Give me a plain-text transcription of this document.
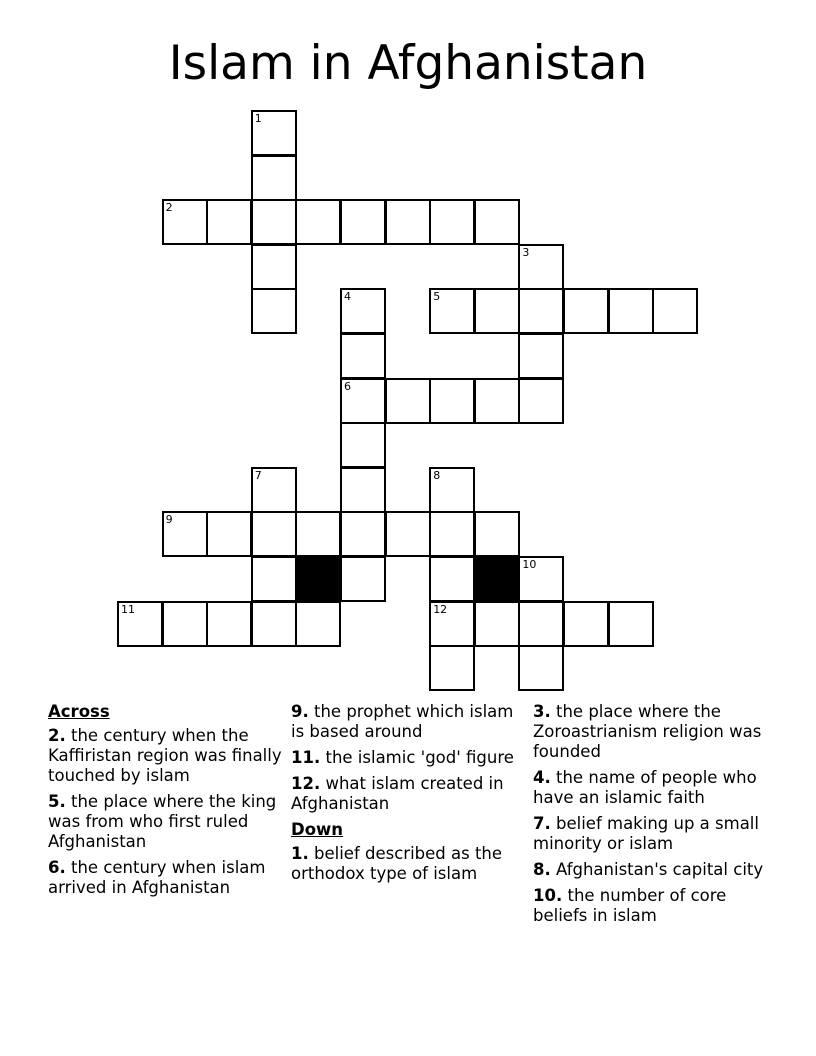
Islam in Afghanistan
1
2
3
4	5
6
7	8
9
10
11	12
Across
2. the century when the Kaffiristan region was finally touched by islam
5. the place where the king was from who first ruled Afghanistan
6. the century when islam arrived in Afghanistan
9. the prophet which islam is based around
11. the islamic 'god' figure
12. what islam created in Afghanistan
Down
1. belief described as the orthodox type of islam
3. the place where the Zoroastrianism religion was founded
4. the name of people who have an islamic faith
7. belief making up a small minority or islam
8. Afghanistan's capital city
10. the number of core beliefs in islam
